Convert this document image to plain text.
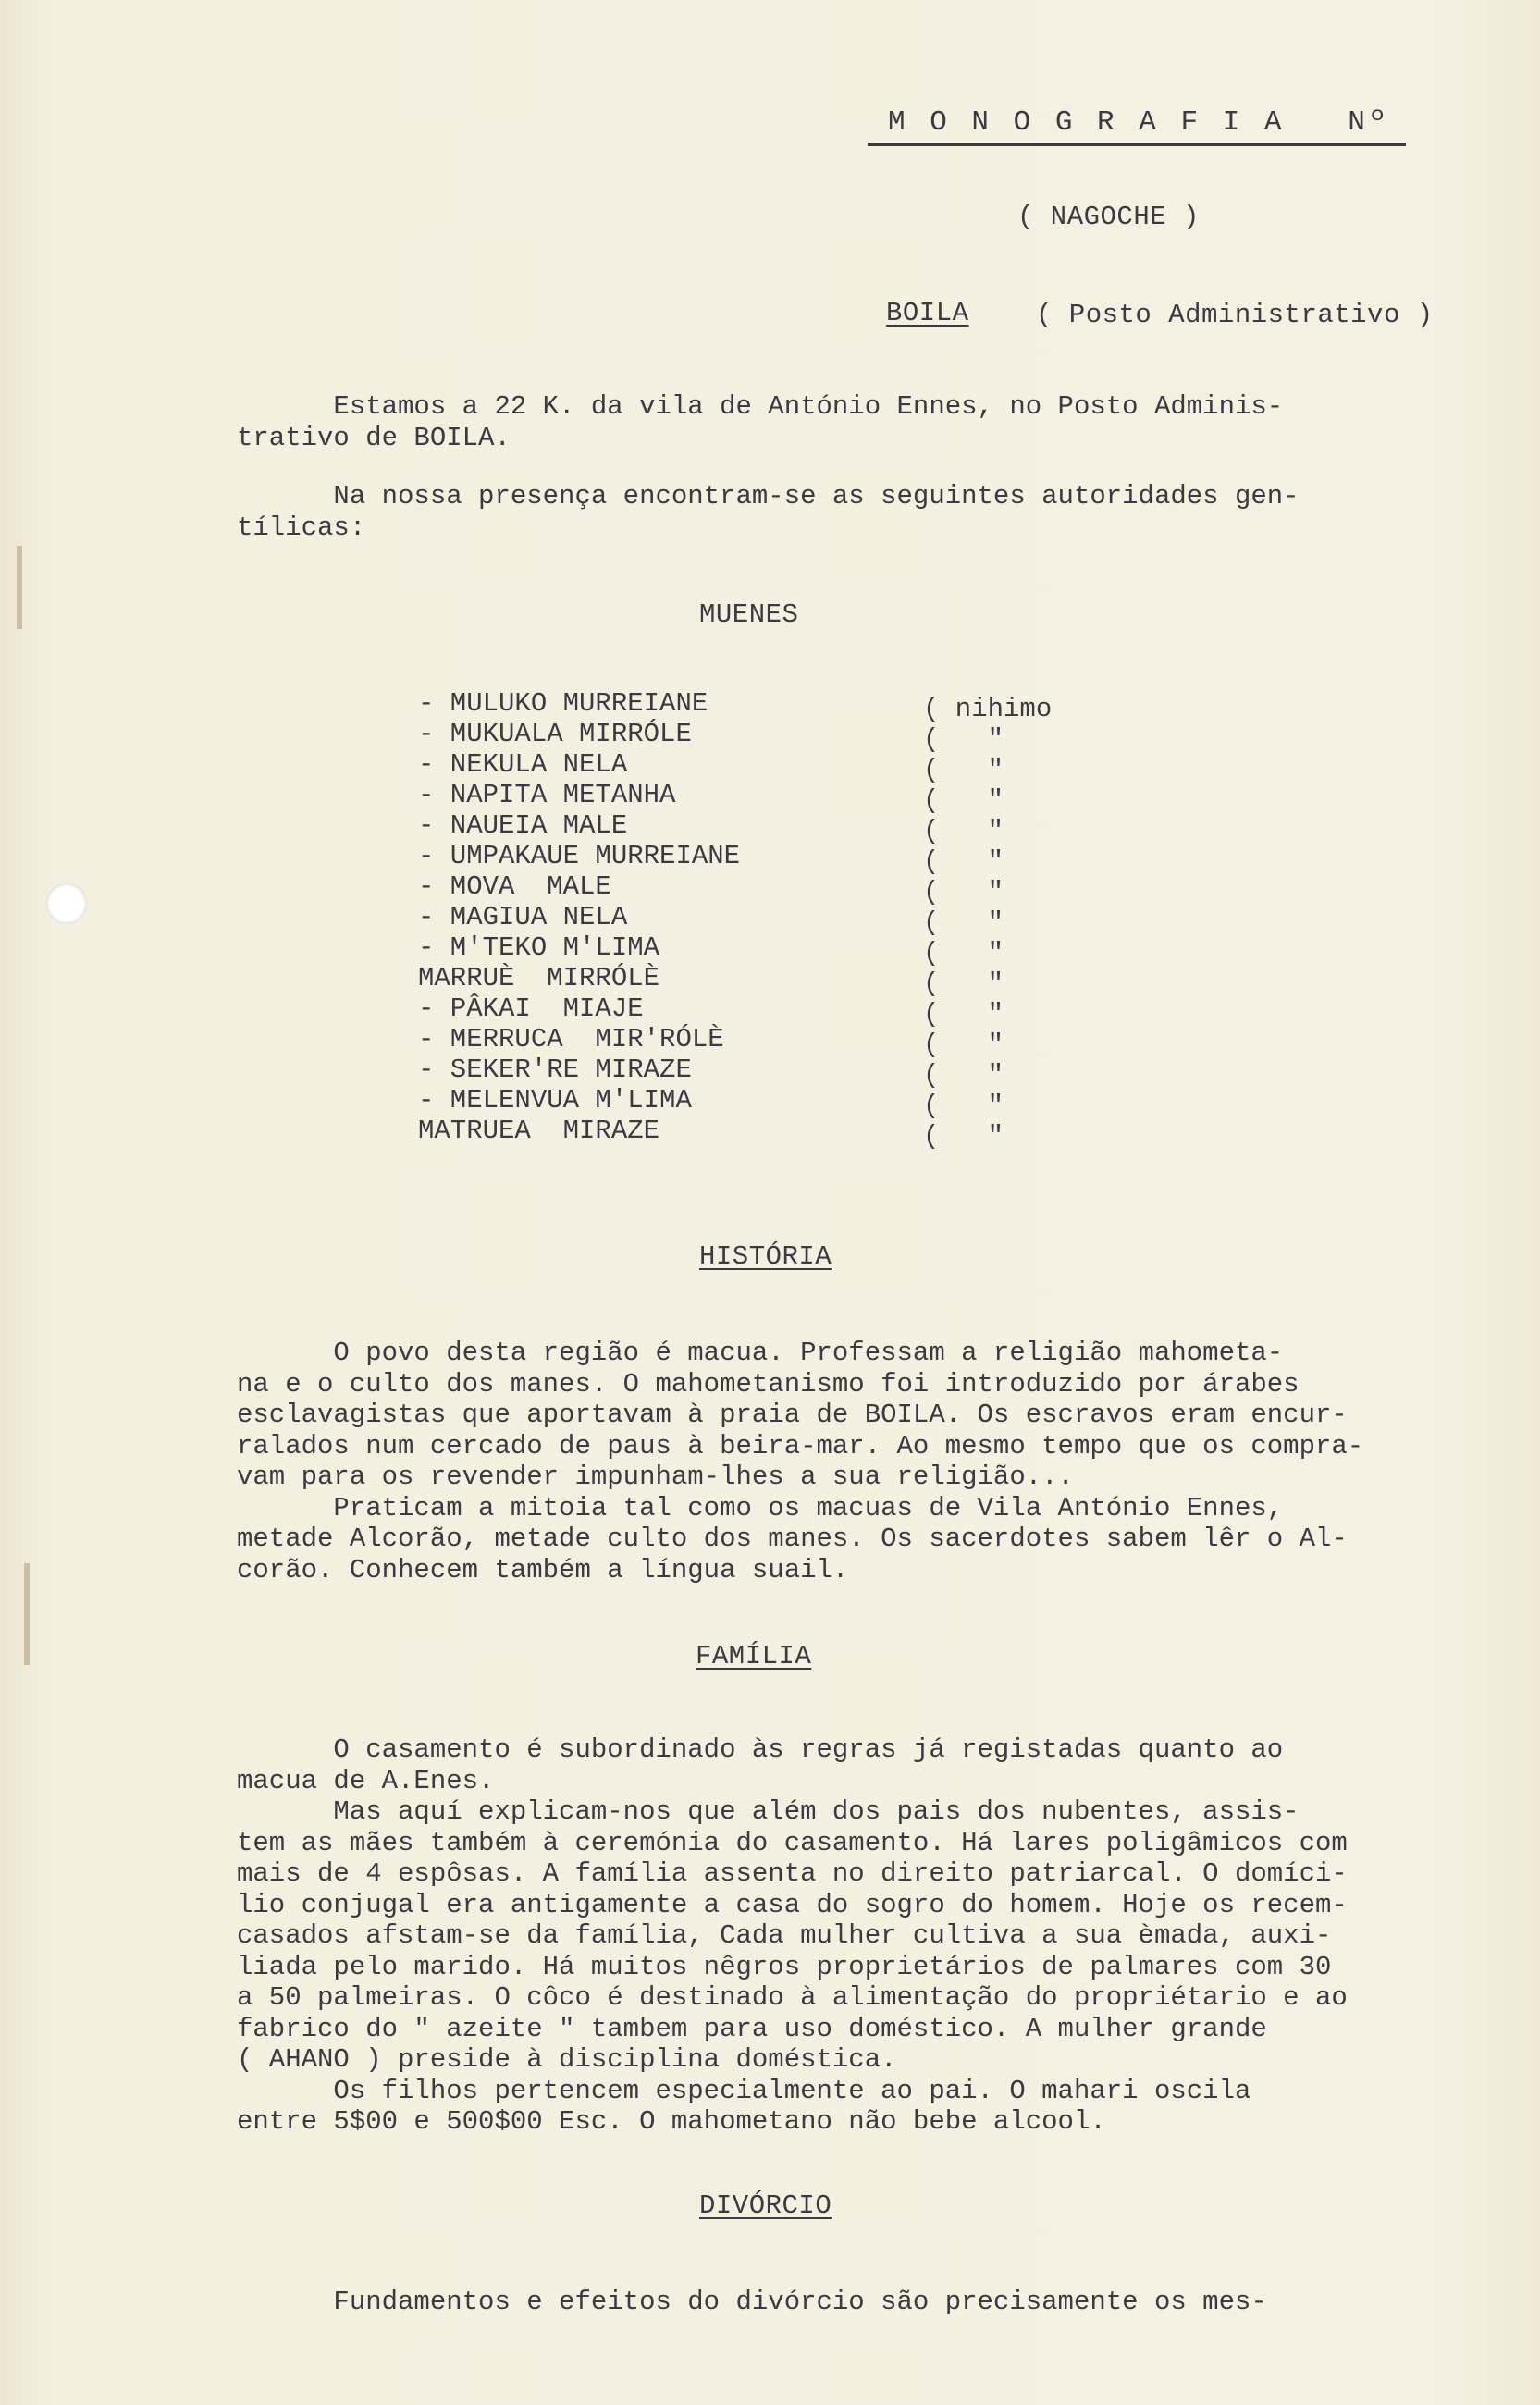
M O N O G R A F I A   Nº
( NAGOCHE )
BOILA ( Posto Administrativo )
Estamos a 22 K. da vila de António Ennes, no Posto Adminis-
trativo de BOILA.
Na nossa presença encontram-se as seguintes autoridades gen-
tílicas:
MUENES
- MULUKO MURREIANE	( nihimo
- MUKUALA MIRRÓLE	(   "
- NEKULA NELA	(   "
- NAPITA METANHA	(   "
- NAUEIA MALE	(   "
- UMPAKAUE MURREIANE	(   "
- MOVA  MALE	(   "
- MAGIUA NELA	(   "
- M'TEKO M'LIMA	(   "
MARRUÈ  MIRRÓLÈ	(   "
- PÂKAI  MIAJE	(   "
- MERRUCA  MIR'RÓLÈ	(   "
- SEKER'RE MIRAZE	(   "
- MELENVUA M'LIMA	(   "
MATRUEA  MIRAZE	(   "
HISTÓRIA
O povo desta região é macua. Professam a religião mahometa-
na e o culto dos manes. O mahometanismo foi introduzido por árabes
esclavagistas que aportavam à praia de BOILA. Os escravos eram encur-
ralados num cercado de paus à beira-mar. Ao mesmo tempo que os compra-
vam para os revender impunham-lhes a sua religião...
Praticam a mitoia tal como os macuas de Vila António Ennes,
metade Alcorão, metade culto dos manes. Os sacerdotes sabem lêr o Al-
corão. Conhecem também a língua suail.
FAMÍLIA
O casamento é subordinado às regras já registadas quanto ao
macua de A.Enes.
Mas aquí explicam-nos que além dos pais dos nubentes, assis-
tem as mães também à ceremónia do casamento. Há lares poligâmicos com
mais de 4 espôsas. A família assenta no direito patriarcal. O domíci-
lio conjugal era antigamente a casa do sogro do homem. Hoje os recem-
casados afstam-se da família, Cada mulher cultiva a sua èmada, auxi-
liada pelo marido. Há muitos nêgros proprietários de palmares com 30
a 50 palmeiras. O côco é destinado à alimentação do propriétario e ao
fabrico do " azeite " tambem para uso doméstico. A mulher grande
( AHANO ) preside à disciplina doméstica.
Os filhos pertencem especialmente ao pai. O mahari oscila
entre 5$00 e 500$00 Esc. O mahometano não bebe alcool.
DIVÓRCIO
Fundamentos e efeitos do divórcio são precisamente os mes-
